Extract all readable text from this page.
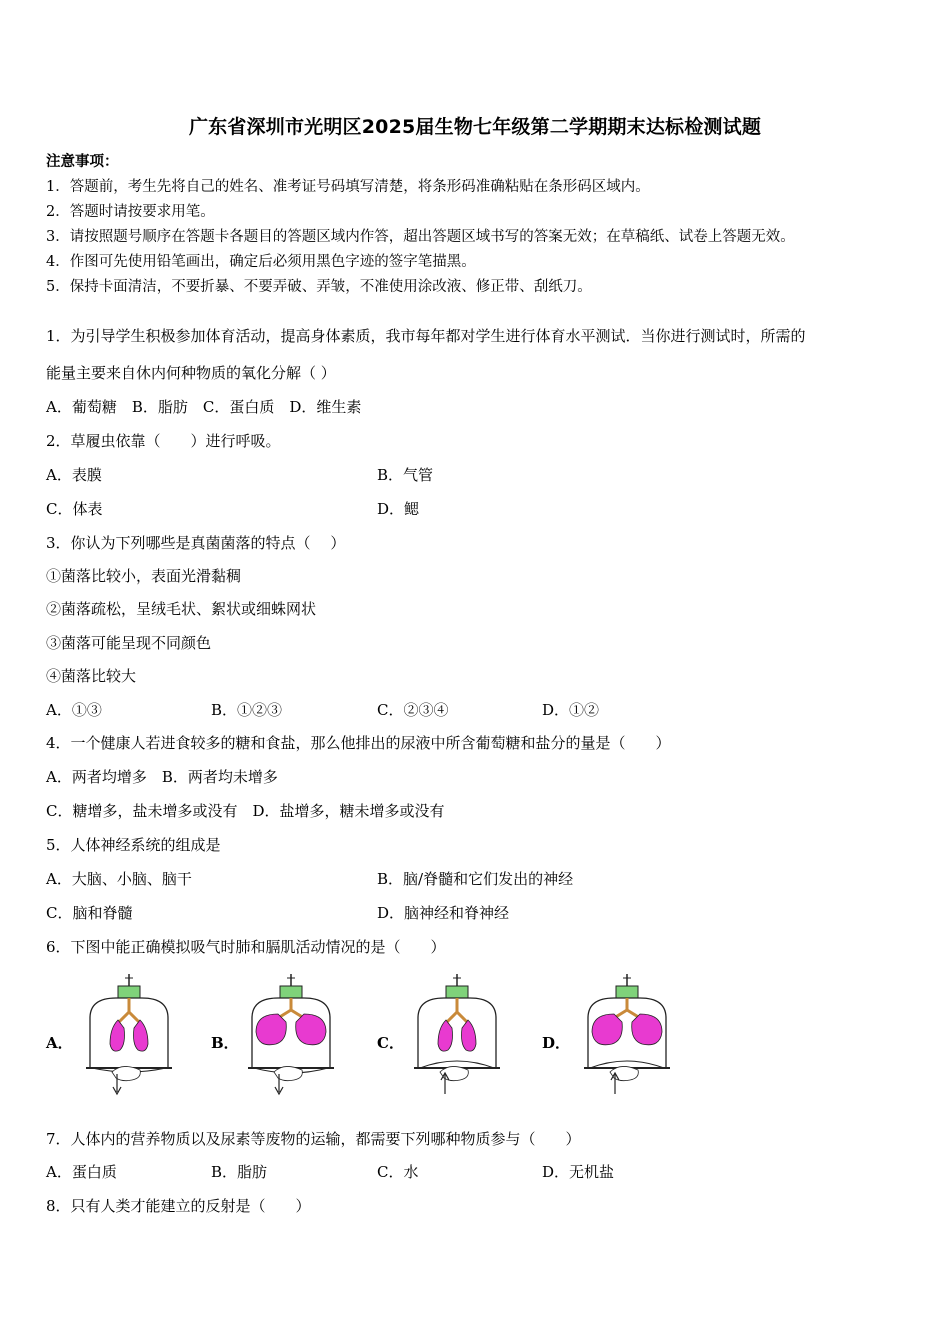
广东省深圳市光明区2025届生物七年级第二学期期末达标检测试题
注意事项：
1．答题前，考生先将自己的姓名、准考证号码填写清楚，将条形码准确粘贴在条形码区域内。
2．答题时请按要求用笔。
3．请按照题号顺序在答题卡各题目的答题区域内作答，超出答题区域书写的答案无效；在草稿纸、试卷上答题无效。
4．作图可先使用铅笔画出，确定后必须用黑色字迹的签字笔描黑。
5．保持卡面清洁，不要折暴、不要弄破、弄皱，不准使用涂改液、修正带、刮纸刀。
1．为引导学生积极参加体育活动，提高身体素质，我市每年都对学生进行体育水平测试．当你进行测试时，所需的
能量主要来自休内何种物质的氧化分解（ ）
A．葡萄糖　B．脂肪　C．蛋白质　D．维生素
2．草履虫依靠（　　）进行呼吸。
A．表膜	B．气管
C．体表	D．鳃
3．你认为下列哪些是真菌菌落的特点（　 ）
①菌落比较小，表面光滑黏稠
②菌落疏松，呈绒毛状、絮状或细蛛网状
③菌落可能呈现不同颜色
④菌落比较大
A．①③	B．①②③	C．②③④	D．①②
4．一个健康人若进食较多的糖和食盐，那么他排出的尿液中所含葡萄糖和盐分的量是（　　）
A．两者均增多　B．两者均未增多
C．糖增多，盐未增多或没有　D．盐增多，糖未增多或没有
5．人体神经系统的组成是
A．大脑、小脑、脑干	B．脑/脊髓和它们发出的神经
C．脑和脊髓	D．脑神经和脊神经
6．下图中能正确模拟吸气时肺和膈肌活动情况的是（　　）
A．	B．	C．	D．
7．人体内的营养物质以及尿素等废物的运输，都需要下列哪种物质参与（　　）
A．蛋白质	B．脂肪	C．水	D．无机盐
8．只有人类才能建立的反射是（　　）
